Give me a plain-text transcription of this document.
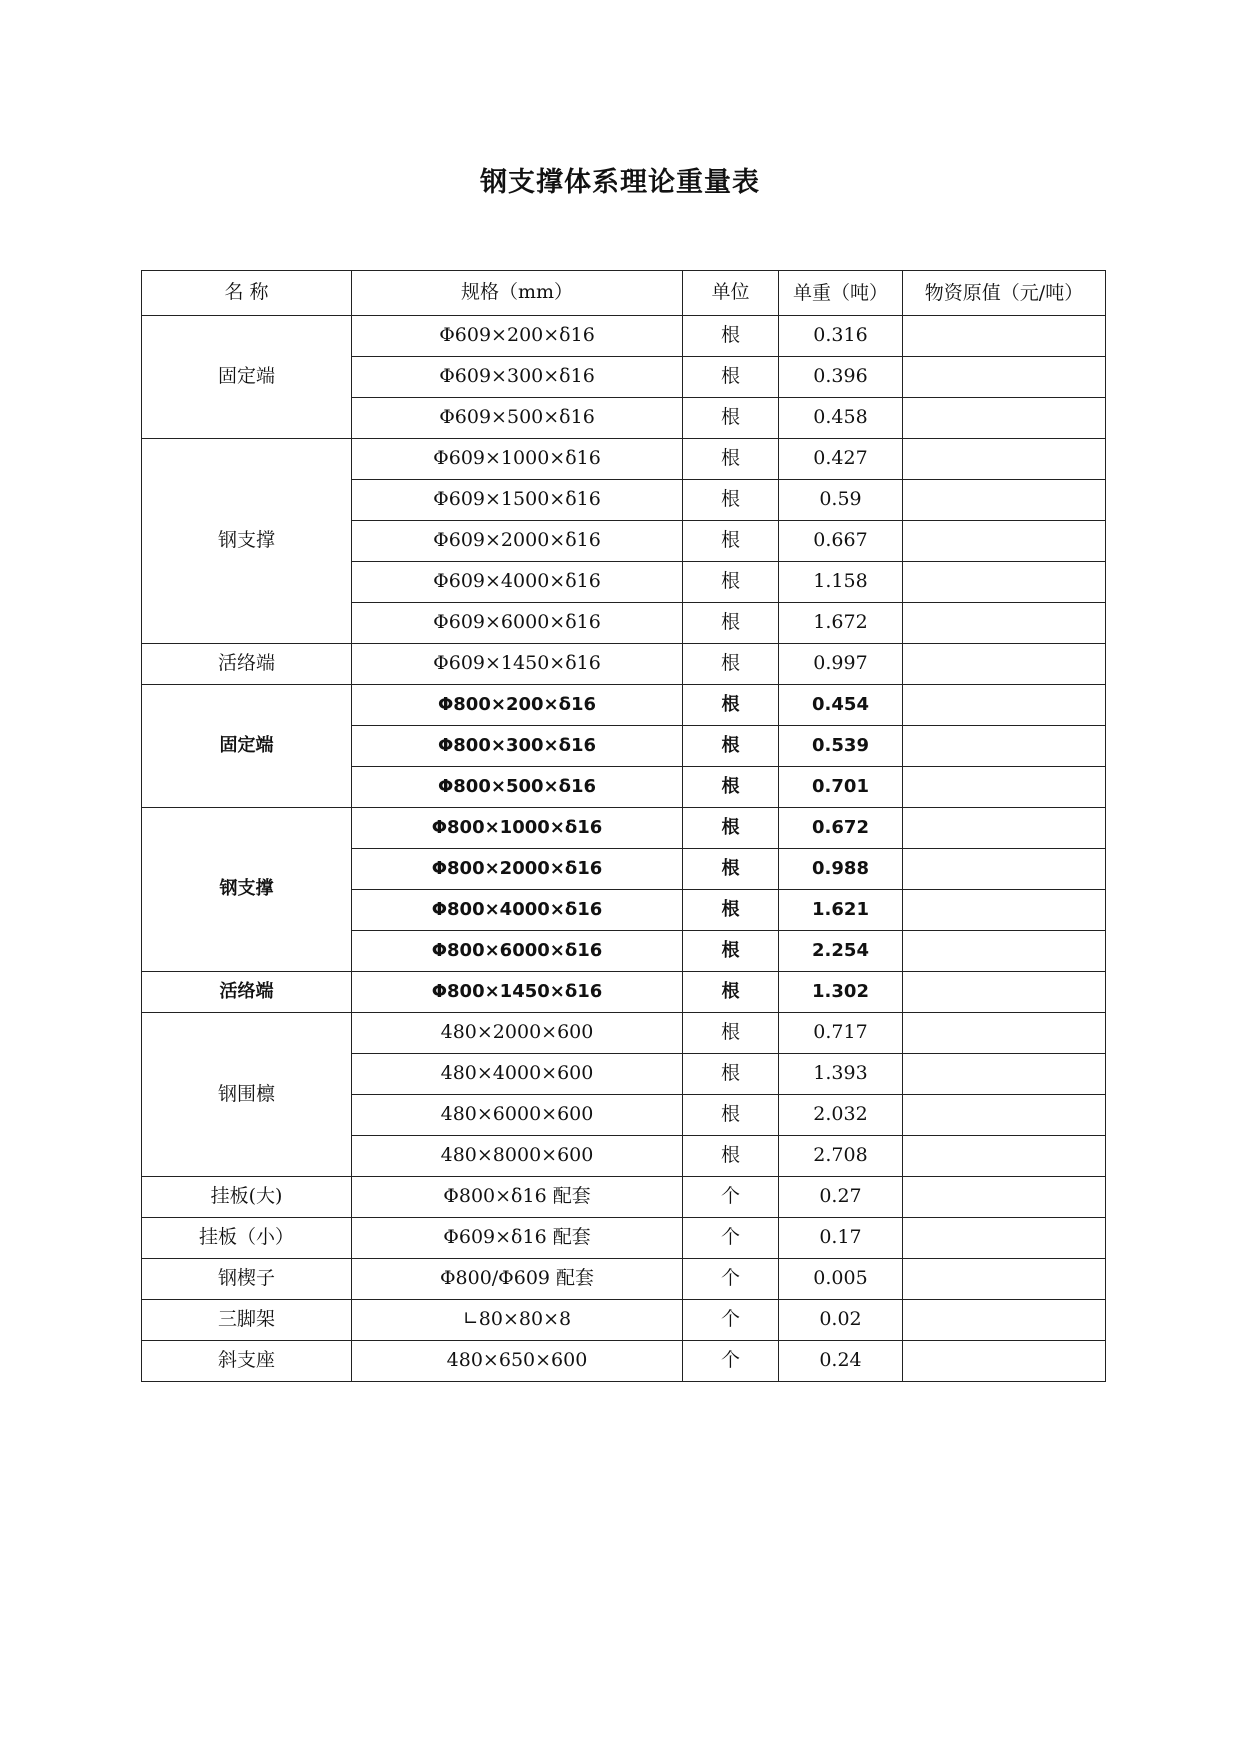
钢支撑体系理论重量表
名 称	规格（mm）	单位	单重（吨）	物资原值（元/吨）
固定端	Φ609×200×δ16	根	0.316	
	Φ609×300×δ16	根	0.396	
	Φ609×500×δ16	根	0.458	
钢支撑	Φ609×1000×δ16	根	0.427	
	Φ609×1500×δ16	根	0.59	
	Φ609×2000×δ16	根	0.667	
	Φ609×4000×δ16	根	1.158	
	Φ609×6000×δ16	根	1.672	
活络端	Φ609×1450×δ16	根	0.997	
固定端	Φ800×200×δ16	根	0.454	
	Φ800×300×δ16	根	0.539	
	Φ800×500×δ16	根	0.701	
钢支撑	Φ800×1000×δ16	根	0.672	
	Φ800×2000×δ16	根	0.988	
	Φ800×4000×δ16	根	1.621	
	Φ800×6000×δ16	根	2.254	
活络端	Φ800×1450×δ16	根	1.302	
钢围檩	480×2000×600	根	0.717	
	480×4000×600	根	1.393	
	480×6000×600	根	2.032	
	480×8000×600	根	2.708	
挂板(大)	Φ800×δ16 配套	个	0.27	
挂板（小）	Φ609×δ16 配套	个	0.17	
钢楔子	Φ800/Φ609 配套	个	0.005	
三脚架	∟80×80×8	个	0.02	
斜支座	480×650×600	个	0.24	
